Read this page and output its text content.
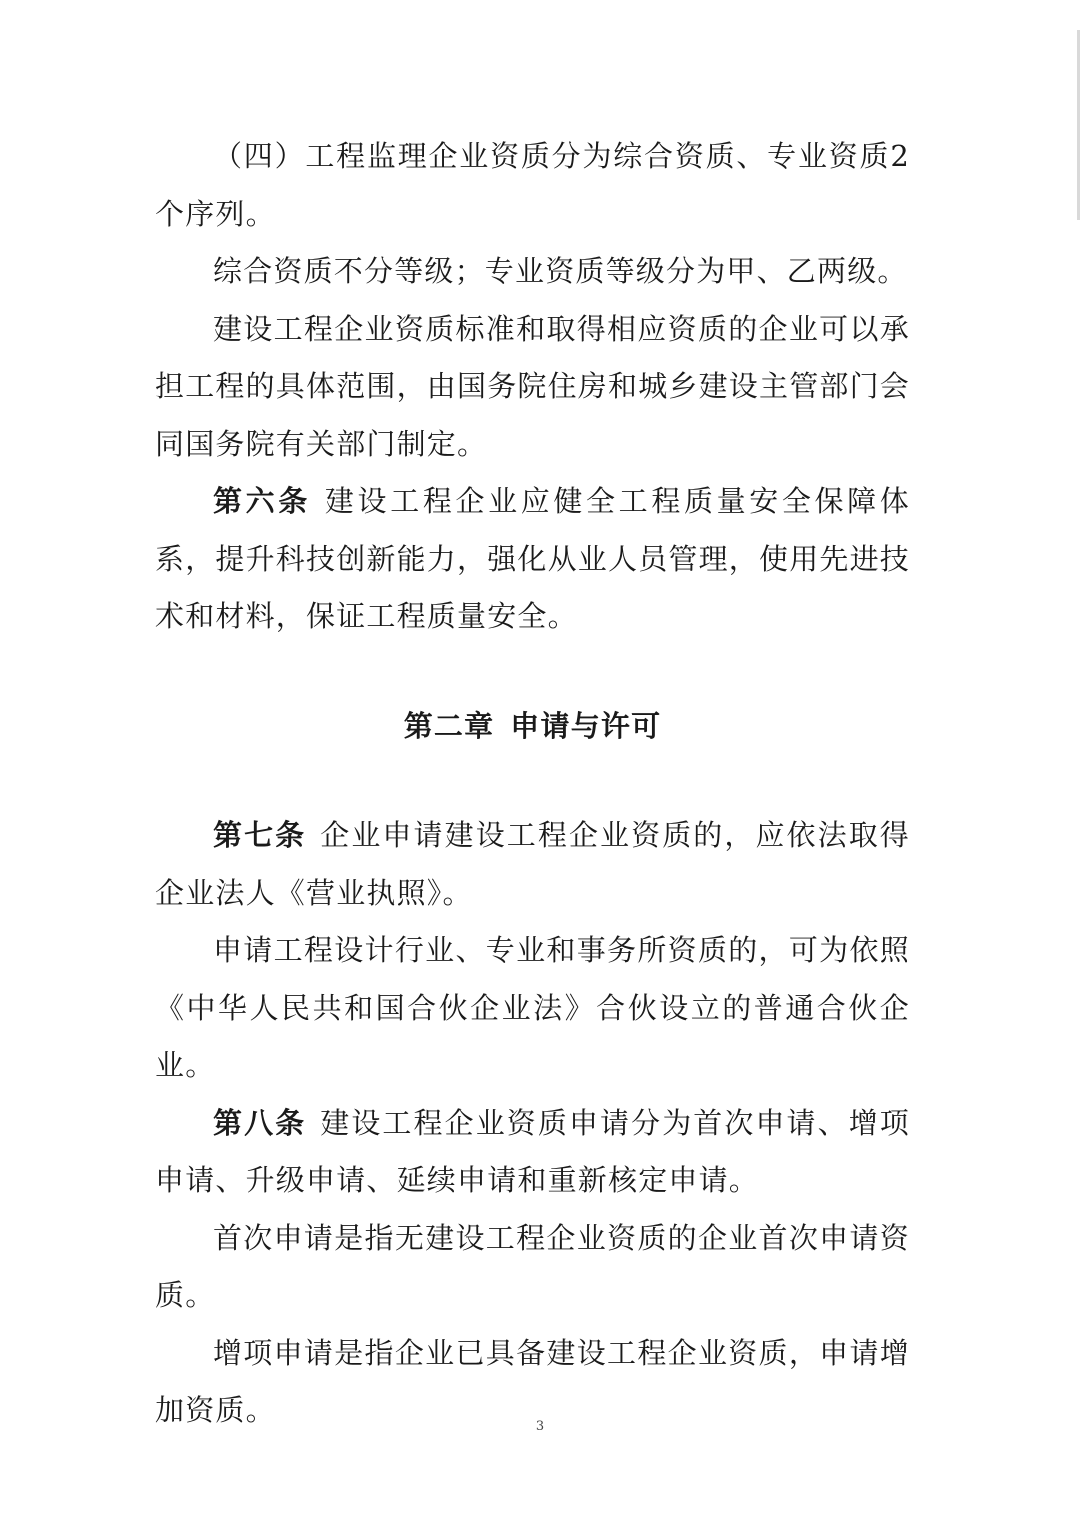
（四）工程监理企业资质分为综合资质、专业资质2个序列。

综合资质不分等级；专业资质等级分为甲、乙两级。

建设工程企业资质标准和取得相应资质的企业可以承担工程的具体范围，由国务院住房和城乡建设主管部门会同国务院有关部门制定。

第六条 建设工程企业应健全工程质量安全保障体系，提升科技创新能力，强化从业人员管理，使用先进技术和材料，保证工程质量安全。

第二章 申请与许可

第七条 企业申请建设工程企业资质的，应依法取得企业法人《营业执照》。

申请工程设计行业、专业和事务所资质的，可为依照《中华人民共和国合伙企业法》合伙设立的普通合伙企业。

第八条 建设工程企业资质申请分为首次申请、增项申请、升级申请、延续申请和重新核定申请。

首次申请是指无建设工程企业资质的企业首次申请资质。

增项申请是指企业已具备建设工程企业资质，申请增加资质。	3
